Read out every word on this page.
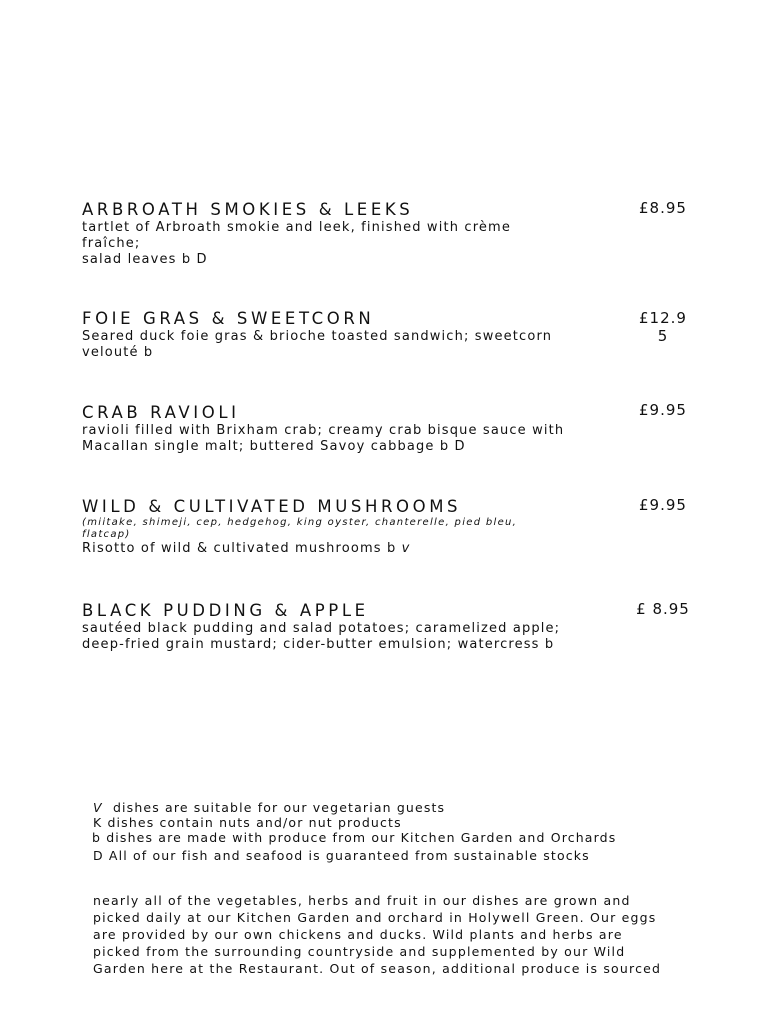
ARBROATH SMOKIES & LEEKS
tartlet of Arbroath smokie and leek, finished with crème
fraîche;
salad leaves b D
£8.95
FOIE GRAS & SWEETCORN
Seared duck foie gras & brioche toasted sandwich; sweetcorn
velouté b
£12.9
5
CRAB RAVIOLI
ravioli filled with Brixham crab; creamy crab bisque sauce with
Macallan single malt; buttered Savoy cabbage b D
£9.95
WILD & CULTIVATED MUSHROOMS
(miitake, shimeji, cep, hedgehog, king oyster, chanterelle, pied bleu,
flatcap)
Risotto of wild & cultivated mushrooms b v
£9.95
BLACK PUDDING & APPLE
sautéed black pudding and salad potatoes; caramelized apple;
deep-fried grain mustard; cider-butter emulsion; watercress b
£ 8.95
V  dishes are suitable for our vegetarian guests
K dishes contain nuts and/or nut products
b dishes are made with produce from our Kitchen Garden and Orchards
D All of our fish and seafood is guaranteed from sustainable stocks
nearly all of the vegetables, herbs and fruit in our dishes are grown and
picked daily at our Kitchen Garden and orchard in Holywell Green. Our eggs
are provided by our own chickens and ducks. Wild plants and herbs are
picked from the surrounding countryside and supplemented by our Wild
Garden here at the Restaurant. Out of season, additional produce is sourced
